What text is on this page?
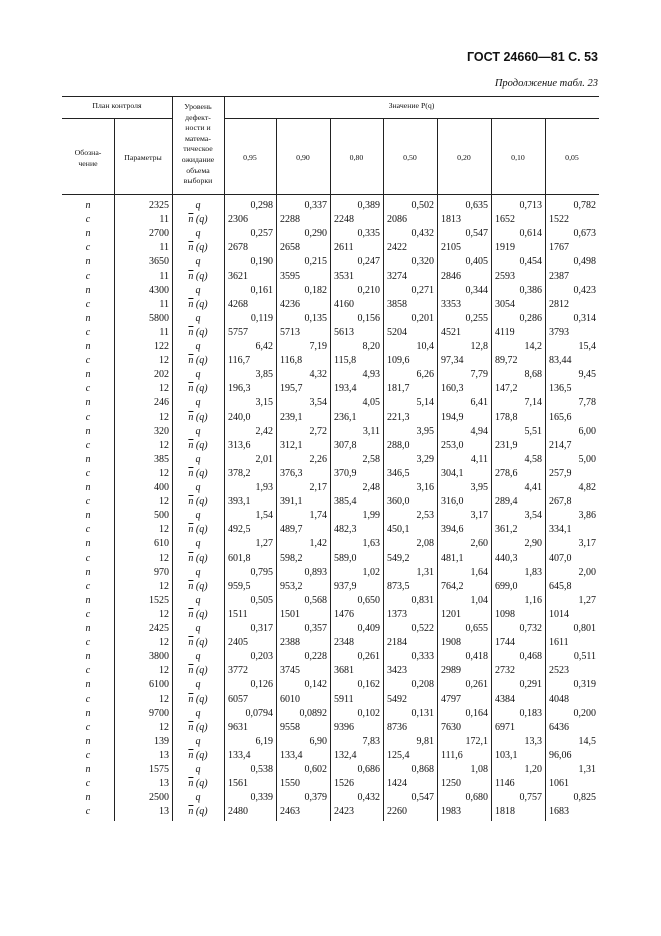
ГОСТ 24660—81 С. 53
Продолжение табл. 23
План контроля
Обозна-
чение
Параметры
Уровень
дефект-
ности и
матема-
тическое
ожидание
объема
выборки
Значение P(q)
0,95	0,90	0,80	0,50	0,20	0,10	0,05
n	2325	q	0,298	0,337	0,389	0,502	0,635	0,713	0,782
c	11	$\overline{n}$ (q)	2306	2288	2248	2086	1813	1652	1522
n	2700	q	0,257	0,290	0,335	0,432	0,547	0,614	0,673
c	11	$\overline{n}$ (q)	2678	2658	2611	2422	2105	1919	1767
n	3650	q	0,190	0,215	0,247	0,320	0,405	0,454	0,498
c	11	$\overline{n}$ (q)	3621	3595	3531	3274	2846	2593	2387
n	4300	q	0,161	0,182	0,210	0,271	0,344	0,386	0,423
c	11	$\overline{n}$ (q)	4268	4236	4160	3858	3353	3054	2812
n	5800	q	0,119	0,135	0,156	0,201	0,255	0,286	0,314
c	11	$\overline{n}$ (q)	5757	5713	5613	5204	4521	4119	3793
n	122	q	6,42	7,19	8,20	10,4	12,8	14,2	15,4
c	12	$\overline{n}$ (q)	116,7	116,8	115,8	109,6	97,34	89,72	83,44
n	202	q	3,85	4,32	4,93	6,26	7,79	8,68	9,45
c	12	$\overline{n}$ (q)	196,3	195,7	193,4	181,7	160,3	147,2	136,5
n	246	q	3,15	3,54	4,05	5,14	6,41	7,14	7,78
c	12	$\overline{n}$ (q)	240,0	239,1	236,1	221,3	194,9	178,8	165,6
n	320	q	2,42	2,72	3,11	3,95	4,94	5,51	6,00
c	12	$\overline{n}$ (q)	313,6	312,1	307,8	288,0	253,0	231,9	214,7
n	385	q	2,01	2,26	2,58	3,29	4,11	4,58	5,00
c	12	$\overline{n}$ (q)	378,2	376,3	370,9	346,5	304,1	278,6	257,9
n	400	q	1,93	2,17	2,48	3,16	3,95	4,41	4,82
c	12	$\overline{n}$ (q)	393,1	391,1	385,4	360,0	316,0	289,4	267,8
n	500	q	1,54	1,74	1,99	2,53	3,17	3,54	3,86
c	12	$\overline{n}$ (q)	492,5	489,7	482,3	450,1	394,6	361,2	334,1
n	610	q	1,27	1,42	1,63	2,08	2,60	2,90	3,17
c	12	$\overline{n}$ (q)	601,8	598,2	589,0	549,2	481,1	440,3	407,0
n	970	q	0,795	0,893	1,02	1,31	1,64	1,83	2,00
c	12	$\overline{n}$ (q)	959,5	953,2	937,9	873,5	764,2	699,0	645,8
n	1525	q	0,505	0,568	0,650	0,831	1,04	1,16	1,27
c	12	$\overline{n}$ (q)	1511	1501	1476	1373	1201	1098	1014
n	2425	q	0,317	0,357	0,409	0,522	0,655	0,732	0,801
c	12	$\overline{n}$ (q)	2405	2388	2348	2184	1908	1744	1611
n	3800	q	0,203	0,228	0,261	0,333	0,418	0,468	0,511
c	12	$\overline{n}$ (q)	3772	3745	3681	3423	2989	2732	2523
n	6100	q	0,126	0,142	0,162	0,208	0,261	0,291	0,319
c	12	$\overline{n}$ (q)	6057	6010	5911	5492	4797	4384	4048
n	9700	q	0,0794	0,0892	0,102	0,131	0,164	0,183	0,200
c	12	$\overline{n}$ (q)	9631	9558	9396	8736	7630	6971	6436
n	139	q	6,19	6,90	7,83	9,81	172,1	13,3	14,5
c	13	$\overline{n}$ (q)	133,4	133,4	132,4	125,4	111,6	103,1	96,06
n	1575	q	0,538	0,602	0,686	0,868	1,08	1,20	1,31
c	13	$\overline{n}$ (q)	1561	1550	1526	1424	1250	1146	1061
n	2500	q	0,339	0,379	0,432	0,547	0,680	0,757	0,825
c	13	$\overline{n}$ (q)	2480	2463	2423	2260	1983	1818	1683
